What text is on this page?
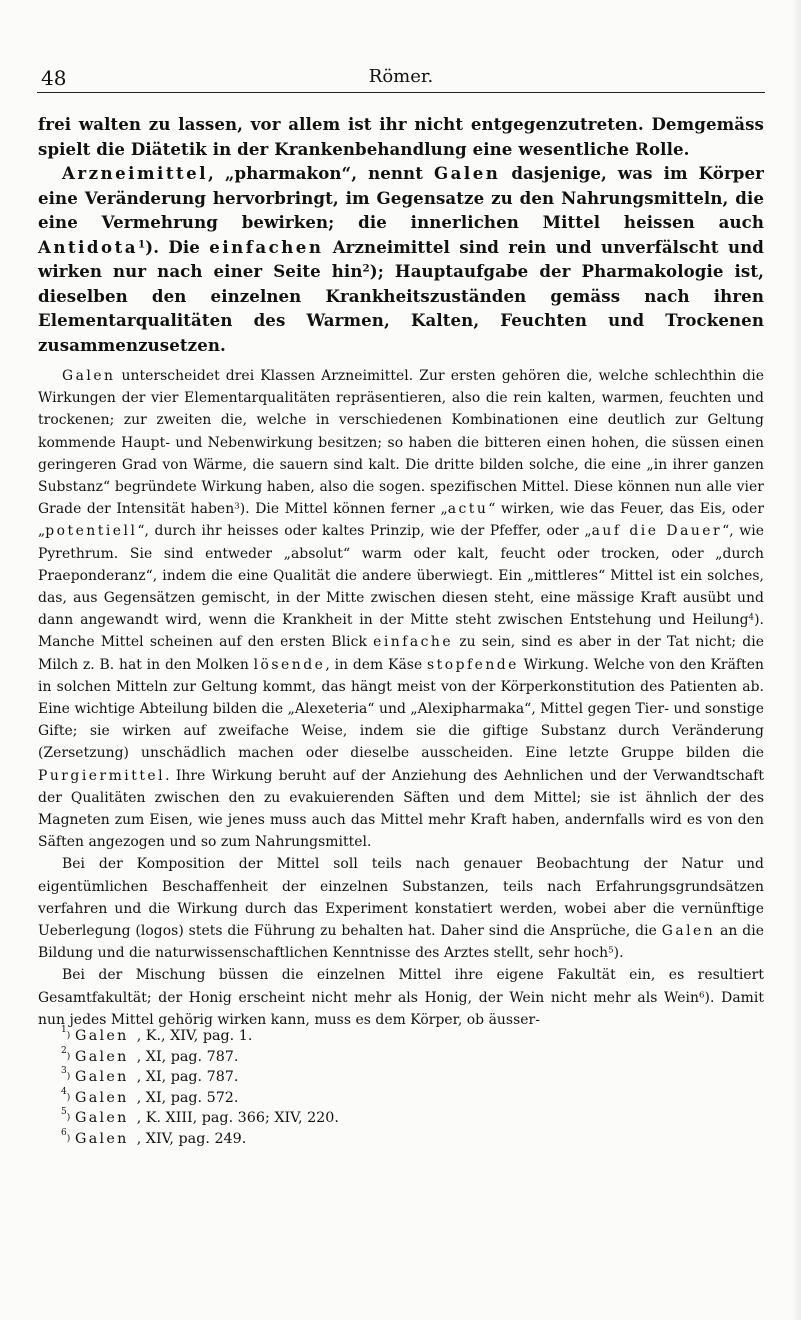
48	Römer.

frei walten zu lassen, vor allem ist ihr nicht entgegenzutreten. Demgemäss spielt die Diätetik in der Krankenbehandlung eine wesentliche Rolle.
Arzneimittel, „pharmakon“, nennt Galen dasjenige, was im Körper eine Veränderung hervorbringt, im Gegensatze zu den Nahrungsmitteln, die eine Vermehrung bewirken; die innerlichen Mittel heissen auch Antidota$^1$). Die einfachen Arzneimittel sind rein und unverfälscht und wirken nur nach einer Seite hin$^2$); Hauptaufgabe der Pharmakologie ist, dieselben den einzelnen Krankheitszuständen gemäss nach ihren Elementarqualitäten des Warmen, Kalten, Feuchten und Trockenen zusammenzusetzen.

Galen unterscheidet drei Klassen Arzneimittel. Zur ersten gehören die, welche schlechthin die Wirkungen der vier Elementarqualitäten repräsentieren, also die rein kalten, warmen, feuchten und trockenen; zur zweiten die, welche in verschiedenen Kombinationen eine deutlich zur Geltung kommende Haupt- und Nebenwirkung besitzen; so haben die bitteren einen hohen, die süssen einen geringeren Grad von Wärme, die sauern sind kalt. Die dritte bilden solche, die eine „in ihrer ganzen Substanz“ begründete Wirkung haben, also die sogen. spezifischen Mittel. Diese können nun alle vier Grade der Intensität haben$^3$). Die Mittel können ferner „actu“ wirken, wie das Feuer, das Eis, oder „potentiell“, durch ihr heisses oder kaltes Prinzip, wie der Pfeffer, oder „auf die Dauer“, wie Pyrethrum. Sie sind entweder „absolut“ warm oder kalt, feucht oder trocken, oder „durch Praeponderanz“, indem die eine Qualität die andere überwiegt. Ein „mittleres“ Mittel ist ein solches, das, aus Gegensätzen gemischt, in der Mitte zwischen diesen steht, eine mässige Kraft ausübt und dann angewandt wird, wenn die Krankheit in der Mitte steht zwischen Entstehung und Heilung$^4$). Manche Mittel scheinen auf den ersten Blick einfache zu sein, sind es aber in der Tat nicht; die Milch z. B. hat in den Molken lösende, in dem Käse stopfende Wirkung. Welche von den Kräften in solchen Mitteln zur Geltung kommt, das hängt meist von der Körperkonstitution des Patienten ab. Eine wichtige Abteilung bilden die „Alexeteria“ und „Alexipharmaka“, Mittel gegen Tier- und sonstige Gifte; sie wirken auf zweifache Weise, indem sie die giftige Substanz durch Veränderung (Zersetzung) unschädlich machen oder dieselbe ausscheiden. Eine letzte Gruppe bilden die Purgiermittel. Ihre Wirkung beruht auf der Anziehung des Aehnlichen und der Verwandtschaft der Qualitäten zwischen den zu evakuierenden Säften und dem Mittel; sie ist ähnlich der des Magneten zum Eisen, wie jenes muss auch das Mittel mehr Kraft haben, andernfalls wird es von den Säften angezogen und so zum Nahrungsmittel.

Bei der Komposition der Mittel soll teils nach genauer Beobachtung der Natur und eigentümlichen Beschaffenheit der einzelnen Substanzen, teils nach Erfahrungsgrundsätzen verfahren und die Wirkung durch das Experiment konstatiert werden, wobei aber die vernünftige Ueberlegung (logos) stets die Führung zu behalten hat. Daher sind die Ansprüche, die Galen an die Bildung und die naturwissenschaftlichen Kenntnisse des Arztes stellt, sehr hoch$^5$).

Bei der Mischung büssen die einzelnen Mittel ihre eigene Fakultät ein, es resultiert Gesamtfakultät; der Honig erscheint nicht mehr als Honig, der Wein nicht mehr als Wein$^6$). Damit nun jedes Mittel gehörig wirken kann, muss es dem Körper, ob äusser-

1) Galen , K., XIV, pag. 1.
2) Galen , XI, pag. 787.
3) Galen , XI, pag. 787.
4) Galen , XI, pag. 572.
5) Galen , K. XIII, pag. 366; XIV, 220.
6) Galen , XIV, pag. 249.
